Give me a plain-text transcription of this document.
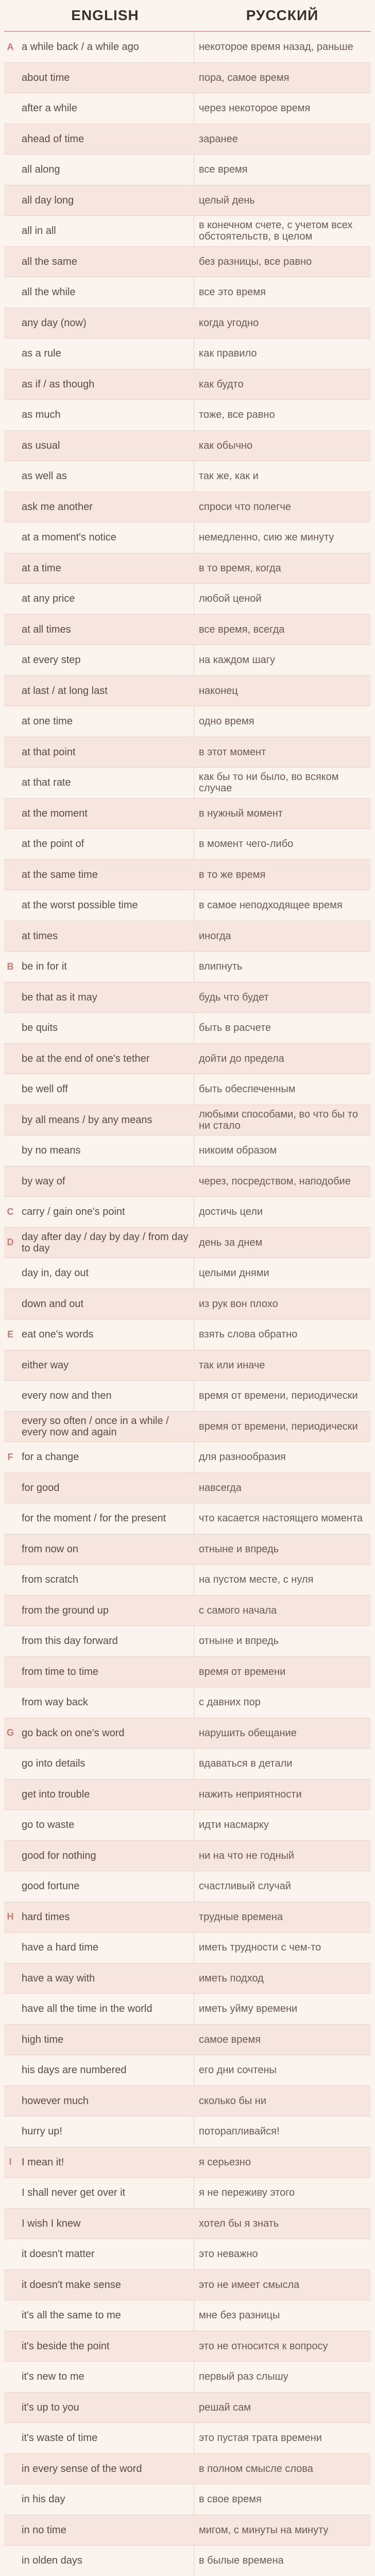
ENGLISH	РУССКИЙ
A a while back / a while ago	некоторое время назад, раньше
about time	пора, самое время
after a while	через некоторое время
ahead of time	заранее
all along	все время
all day long	целый день
all in all	в конечном счете, с учетом всех обстоятельств, в целом
all the same	без разницы, все равно
all the while	все это время
any day (now)	когда угодно
as a rule	как правило
as if / as though	как будто
as much	тоже, все равно
as usual	как обычно
as well as	так же, как и
ask me another	спроси что полегче
at a moment's notice	немедленно, сию же минуту
at a time	в то время, когда
at any price	любой ценой
at all times	все время, всегда
at every step	на каждом шагу
at last / at long last	наконец
at one time	одно время
at that point	в этот момент
at that rate	как бы то ни было, во всяком случае
at the moment	в нужный момент
at the point of	в момент чего-либо
at the same time	в то же время
at the worst possible time	в самое неподходящее время
at times	иногда
B be in for it	влипнуть
be that as it may	будь что будет
be quits	быть в расчете
be at the end of one's tether	дойти до предела
be well off	быть обеспеченным
by all means / by any means	любыми способами, во что бы то ни стало
by no means	никоим образом
by way of	через, посредством, наподобие
C carry / gain one's point	достичь цели
D day after day / day by day / from day to day	день за днем
day in, day out	целыми днями
down and out	из рук вон плохо
E eat one's words	взять слова обратно
either way	так или иначе
every now and then	время от времени, периодически
every so often / once in a while / every now and again	время от времени, периодически
F for a change	для разнообразия
for good	навсегда
for the moment / for the present	что касается настоящего момента
from now on	отныне и впредь
from scratch	на пустом месте, с нуля
from the ground up	с самого начала
from this day forward	отныне и впредь
from time to time	время от времени
from way back	с давних пор
G go back on one's word	нарушить обещание
go into details	вдаваться в детали
get into trouble	нажить неприятности
go to waste	идти насмарку
good for nothing	ни на что не годный
good fortune	счастливый случай
H hard times	трудные времена
have a hard time	иметь трудности с чем-то
have a way with	иметь подход
have all the time in the world	иметь уйму времени
high time	самое время
his days are numbered	его дни сочтены
however much	сколько бы ни
hurry up!	поторапливайся!
I I mean it!	я серьезно
I shall never get over it	я не переживу этого
I wish I knew	хотел бы я знать
it doesn't matter	это неважно
it doesn't make sense	это не имеет смысла
it's all the same to me	мне без разницы
it's beside the point	это не относится к вопросу
it's new to me	первый раз слышу
it's up to you	решай сам
it's waste of time	это пустая трата времени
in every sense of the word	в полном смысле слова
in his day	в свое время
in no time	мигом, с минуты на минуту
in olden days	в былые времена
